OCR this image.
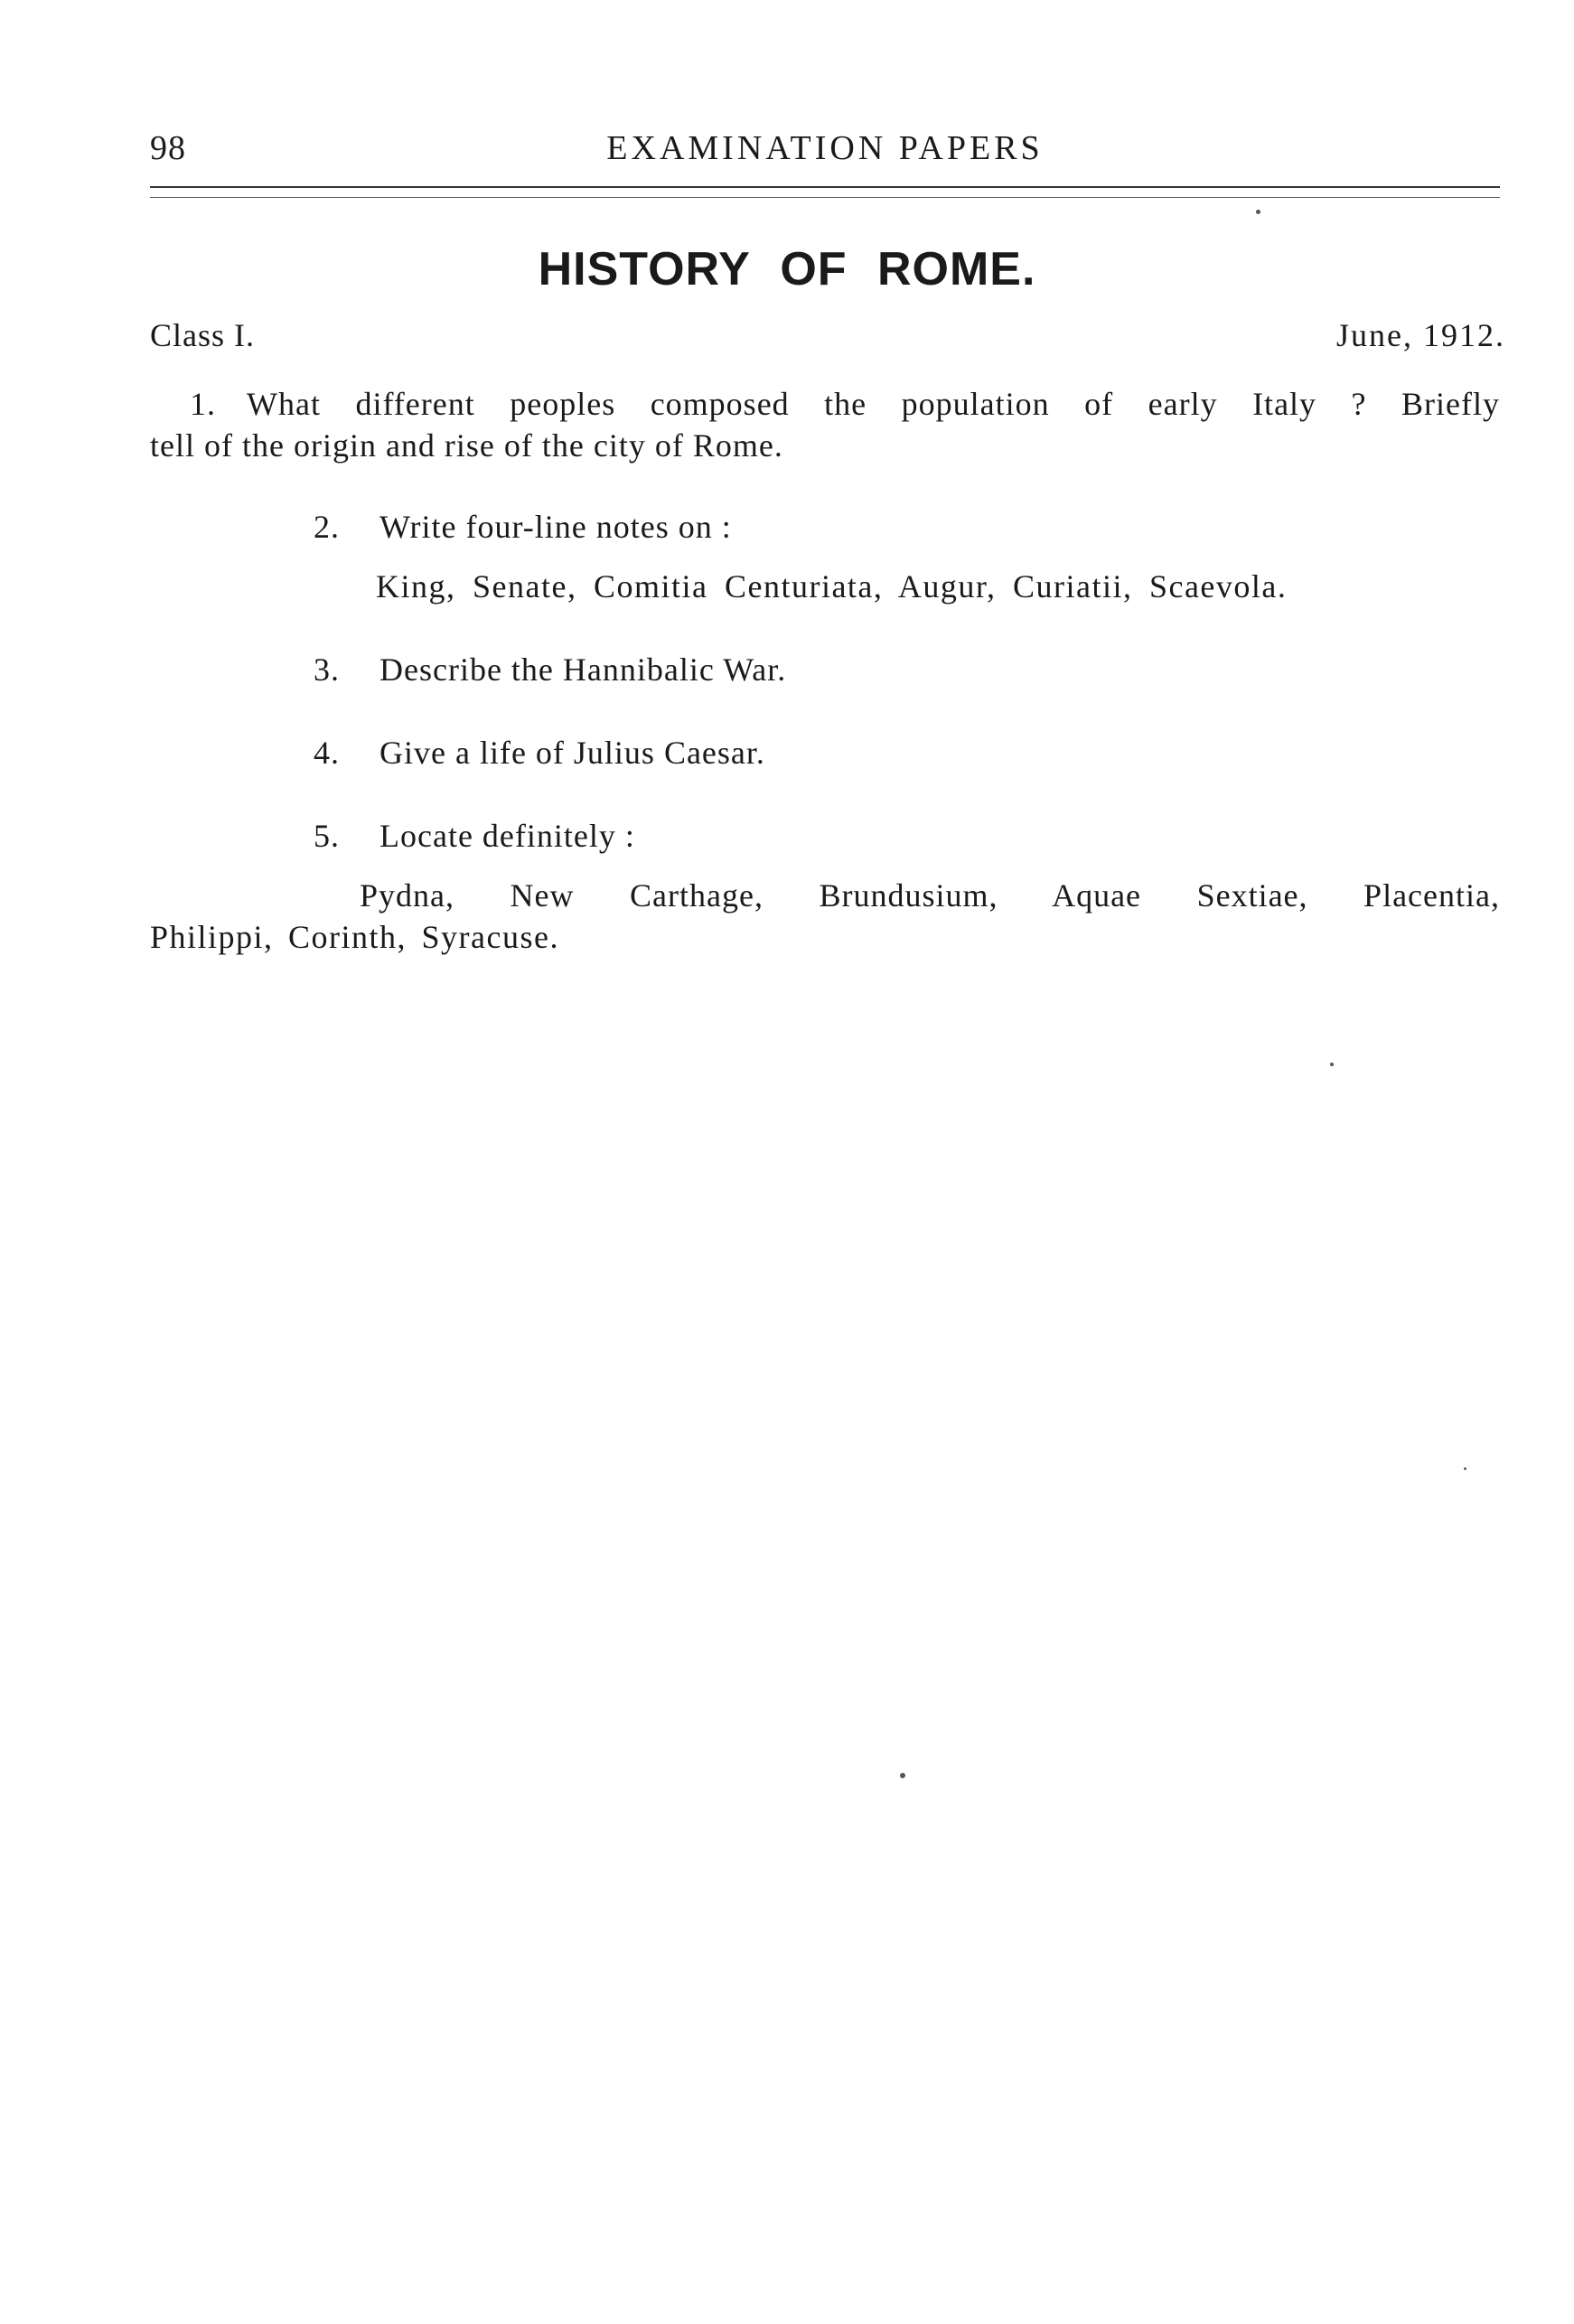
98	EXAMINATION PAPERS
HISTORY OF ROME.
Class I.	June, 1912.
1. What different peoples composed the population of early Italy ? Briefly
tell of the origin and rise of the city of Rome.
2. Write four-line notes on :
King, Senate, Comitia Centuriata, Augur, Curiatii, Scaevola.
3. Describe the Hannibalic War.
4. Give a life of Julius Caesar.
5. Locate definitely :
Pydna, New Carthage, Brundusium, Aquae Sextiae, Placentia,
Philippi, Corinth, Syracuse.
